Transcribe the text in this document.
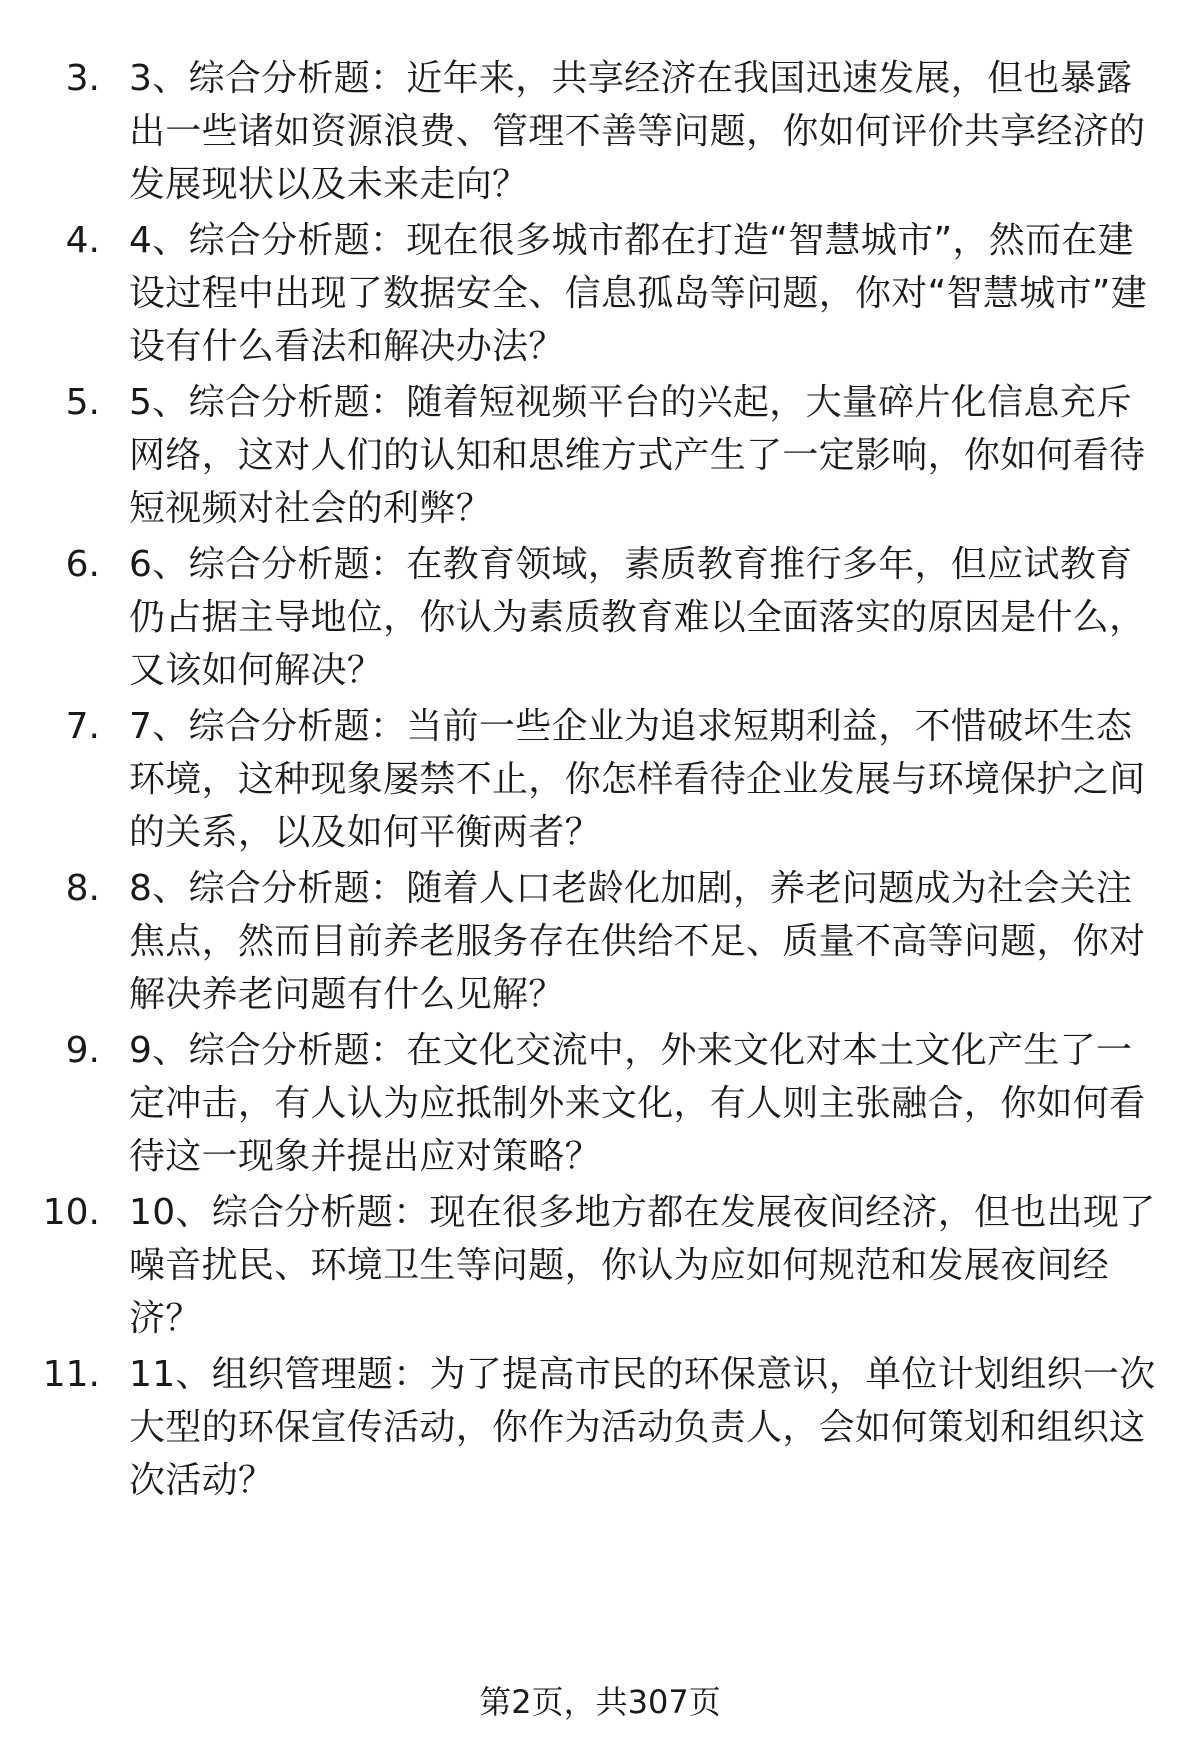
3. 3、综合分析题：近年来，共享经济在我国迅速发展，但也暴露出一些诸如资源浪费、管理不善等问题，你如何评价共享经济的发展现状以及未来走向？
4. 4、综合分析题：现在很多城市都在打造“智慧城市”，然而在建设过程中出现了数据安全、信息孤岛等问题，你对“智慧城市”建设有什么看法和解决办法？
5. 5、综合分析题：随着短视频平台的兴起，大量碎片化信息充斥网络，这对人们的认知和思维方式产生了一定影响，你如何看待短视频对社会的利弊？
6. 6、综合分析题：在教育领域，素质教育推行多年，但应试教育仍占据主导地位，你认为素质教育难以全面落实的原因是什么，又该如何解决？
7. 7、综合分析题：当前一些企业为追求短期利益，不惜破坏生态环境，这种现象屡禁不止，你怎样看待企业发展与环境保护之间的关系，以及如何平衡两者？
8. 8、综合分析题：随着人口老龄化加剧，养老问题成为社会关注焦点，然而目前养老服务存在供给不足、质量不高等问题，你对解决养老问题有什么见解？
9. 9、综合分析题：在文化交流中，外来文化对本土文化产生了一定冲击，有人认为应抵制外来文化，有人则主张融合，你如何看待这一现象并提出应对策略？
10. 10、综合分析题：现在很多地方都在发展夜间经济，但也出现了噪音扰民、环境卫生等问题，你认为应如何规范和发展夜间经济？
11. 11、组织管理题：为了提高市民的环保意识，单位计划组织一次大型的环保宣传活动，你作为活动负责人，会如何策划和组织这次活动？
第2页，共307页
